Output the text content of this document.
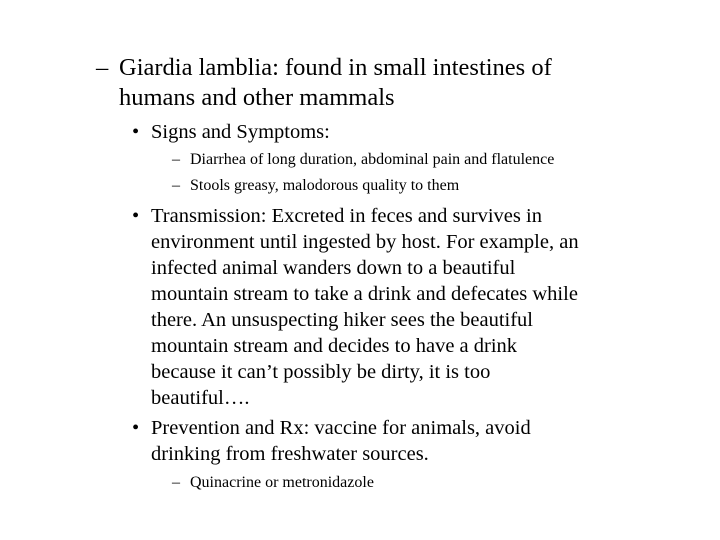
– Giardia lamblia: found in small intestines of
humans and other mammals
• Signs and Symptoms:
– Diarrhea of long duration, abdominal pain and flatulence
– Stools greasy, malodorous quality to them
• Transmission: Excreted in feces and survives in
environment until ingested by host. For example, an
infected animal wanders down to a beautiful
mountain stream to take a drink and defecates while
there. An unsuspecting hiker sees the beautiful
mountain stream and decides to have a drink
because it can’t possibly be dirty, it is too
beautiful….
• Prevention and Rx: vaccine for animals, avoid
drinking from freshwater sources.
– Quinacrine or metronidazole
